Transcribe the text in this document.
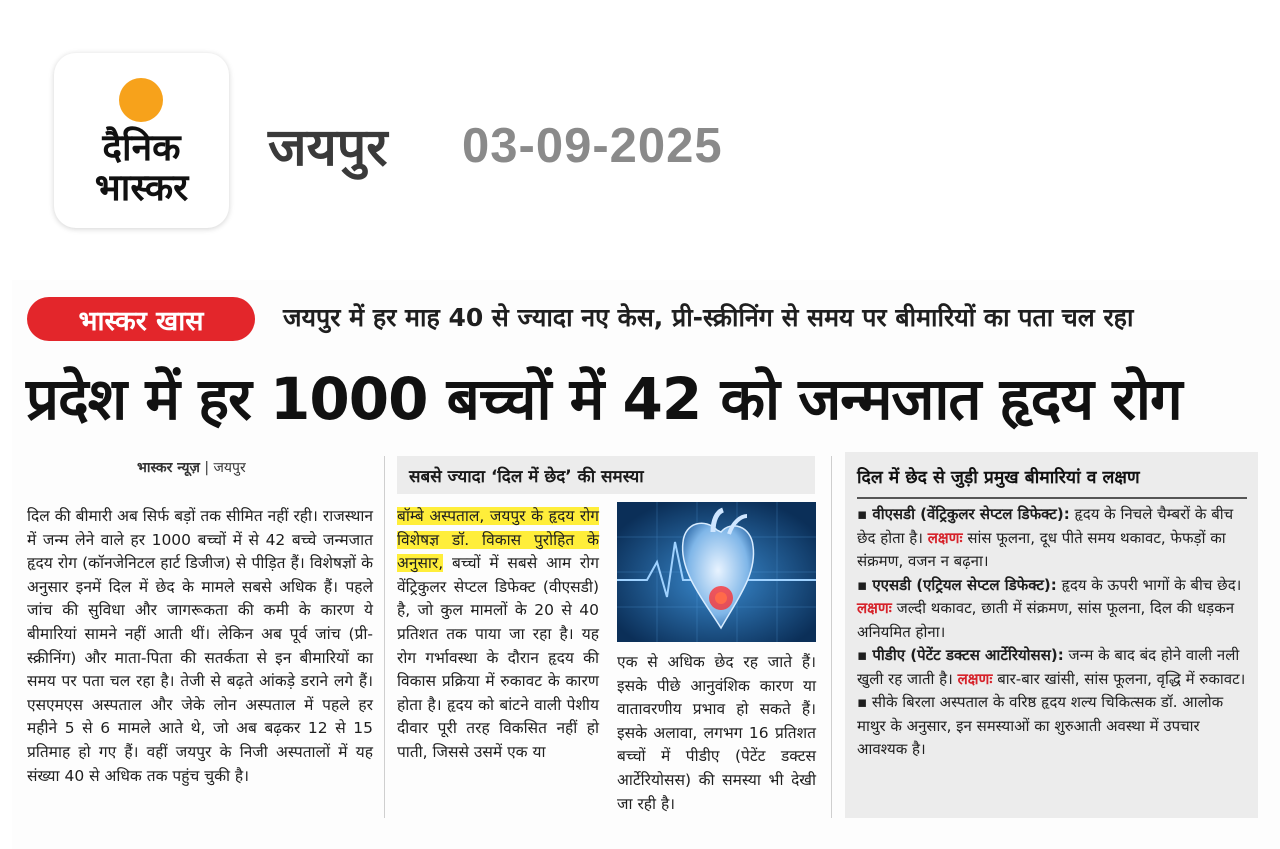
दैनिक
भास्कर
जयपुर 03-09-2025
भास्कर खास	जयपुर में हर माह 40 से ज्यादा नए केस, प्री-स्क्रीनिंग से समय पर बीमारियों का पता चल रहा
प्रदेश में हर 1000 बच्चों में 42 को जन्मजात हृदय रोग
भास्कर न्यूज़ | जयपुर
दिल की बीमारी अब सिर्फ बड़ों तक सीमित नहीं रही। राजस्थान में जन्म लेने वाले हर 1000 बच्चों में से 42 बच्चे जन्मजात हृदय रोग (कॉनजेनिटल हार्ट डिजीज) से पीड़ित हैं। विशेषज्ञों के अनुसार इनमें दिल में छेद के मामले सबसे अधिक हैं। पहले जांच की सुविधा और जागरूकता की कमी के कारण ये बीमारियां सामने नहीं आती थीं। लेकिन अब पूर्व जांच (प्री-स्क्रीनिंग) और माता-पिता की सतर्कता से इन बीमारियों का समय पर पता चल रहा है। तेजी से बढ़ते आंकड़े डराने लगे हैं। एसएमएस अस्पताल और जेके लोन अस्पताल में पहले हर महीने 5 से 6 मामले आते थे, जो अब बढ़कर 12 से 15 प्रतिमाह हो गए हैं। वहीं जयपुर के निजी अस्पतालों में यह संख्या 40 से अधिक तक पहुंच चुकी है।
सबसे ज्यादा ‘दिल में छेद’ की समस्या
बॉम्बे अस्पताल, जयपुर के हृदय रोग विशेषज्ञ डॉ. विकास पुरोहित के अनुसार, बच्चों में सबसे आम रोग वेंट्रिकुलर सेप्टल डिफेक्ट (वीएसडी) है, जो कुल मामलों के 20 से 40 प्रतिशत तक पाया जा रहा है। यह रोग गर्भावस्था के दौरान हृदय की विकास प्रक्रिया में रुकावट के कारण होता है। हृदय को बांटने वाली पेशीय दीवार पूरी तरह विकसित नहीं हो पाती, जिससे उसमें एक या
एक से अधिक छेद रह जाते हैं। इसके पीछे आनुवंशिक कारण या वातावरणीय प्रभाव हो सकते हैं। इसके अलावा, लगभग 16 प्रतिशत बच्चों में पीडीए (पेटेंट डक्टस आर्टेरियोसस) की समस्या भी देखी जा रही है।
दिल में छेद से जुड़ी प्रमुख बीमारियां व लक्षण
▪ वीएसडी (वेंट्रिकुलर सेप्टल डिफेक्ट): हृदय के निचले चैम्बरों के बीच छेद होता है। लक्षणः सांस फूलना, दूध पीते समय थकावट, फेफड़ों का संक्रमण, वजन न बढ़ना।
▪ एएसडी (एट्रियल सेप्टल डिफेक्ट): हृदय के ऊपरी भागों के बीच छेद। लक्षणः जल्दी थकावट, छाती में संक्रमण, सांस फूलना, दिल की धड़कन अनियमित होना।
▪ पीडीए (पेटेंट डक्टस आर्टेरियोसस): जन्म के बाद बंद होने वाली नली खुली रह जाती है। लक्षणः बार-बार खांसी, सांस फूलना, वृद्धि में रुकावट।
▪ सीके बिरला अस्पताल के वरिष्ठ हृदय शल्य चिकित्सक डॉ. आलोक माथुर के अनुसार, इन समस्याओं का शुरुआती अवस्था में उपचार आवश्यक है।
